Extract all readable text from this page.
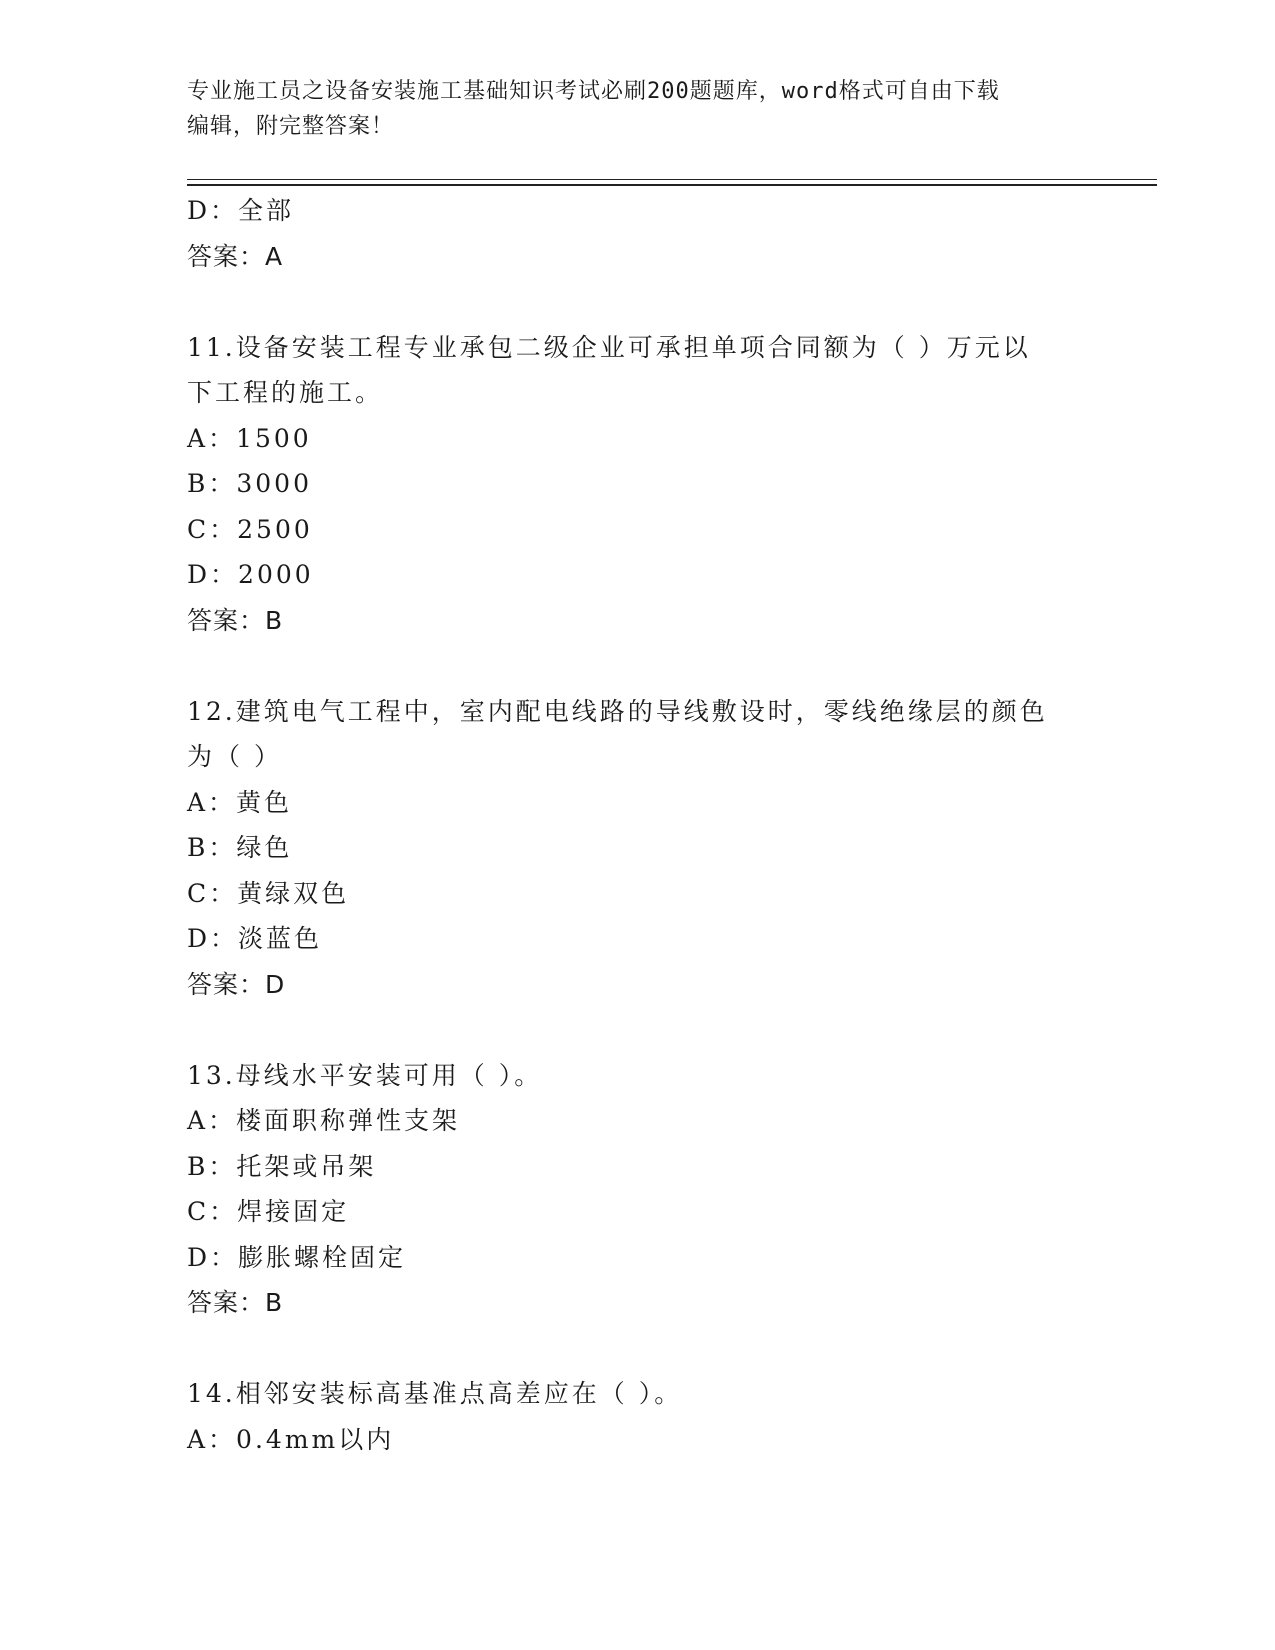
专业施工员之设备安装施工基础知识考试必刷200题题库，word格式可自由下载
编辑，附完整答案！
D：全部
答案：A
11.设备安装工程专业承包二级企业可承担单项合同额为（ ）万元以
下工程的施工。
A：1500
B：3000
C：2500
D：2000
答案：B
12.建筑电气工程中，室内配电线路的导线敷设时，零线绝缘层的颜色
为（ ）
A：黄色
B：绿色
C：黄绿双色
D：淡蓝色
答案：D
13.母线水平安装可用（ ）。
A：楼面职称弹性支架
B：托架或吊架
C：焊接固定
D：膨胀螺栓固定
答案：B
14.相邻安装标高基准点高差应在（ ）。
A：0.4mm以内
